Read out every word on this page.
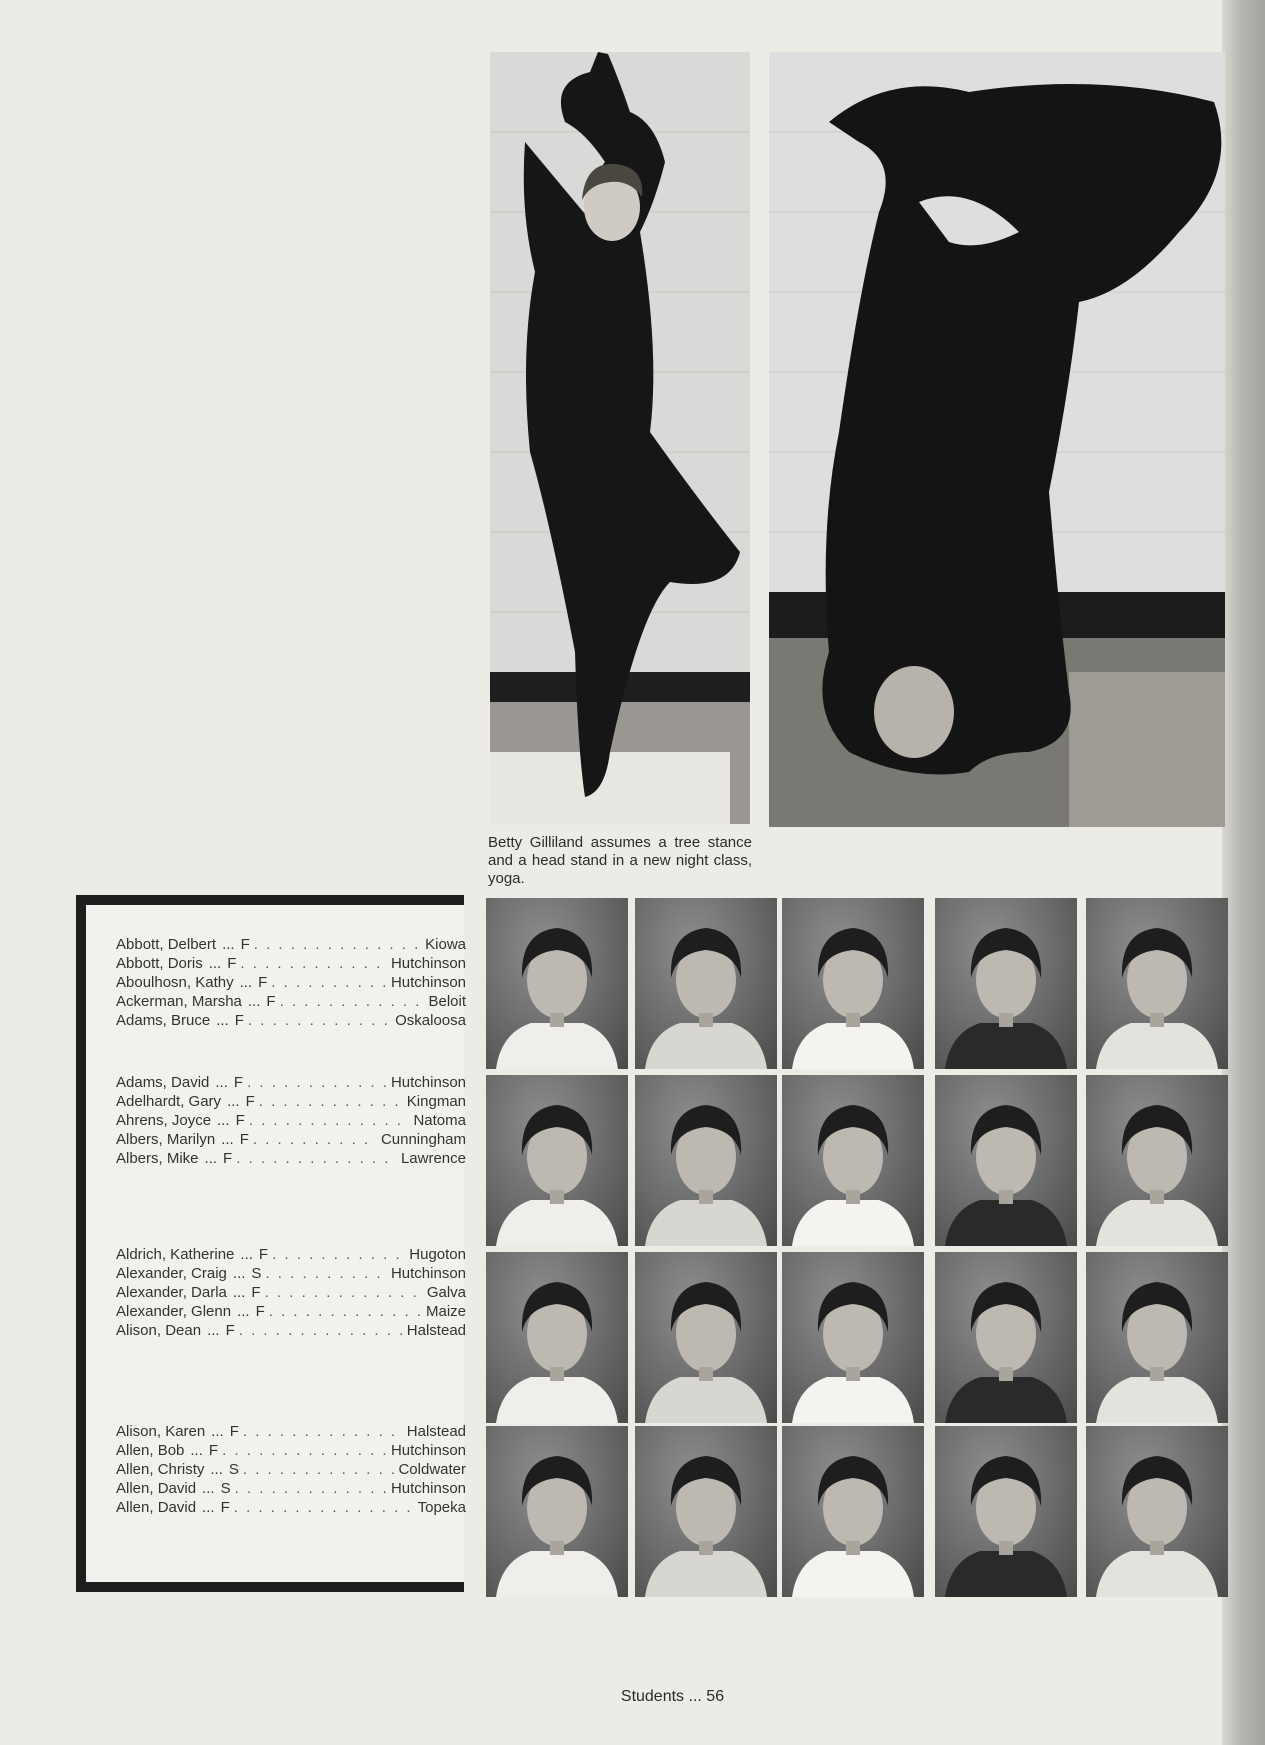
Betty Gilliland assumes a tree stance and a head stand in a new night class, yoga.
Abbott, Delbert ... F . . .	Kiowa
Abbott, Doris ... F . . .	Hutchinson
Aboulhosn, Kathy ... F . . .	Hutchinson
Ackerman, Marsha ... F . . .	Beloit
Adams, Bruce ... F . . .	Oskaloosa
Adams, David ... F . . .	Hutchinson
Adelhardt, Gary ... F . . .	Kingman
Ahrens, Joyce ... F . . .	Natoma
Albers, Marilyn ... F . . .	Cunningham
Albers, Mike ... F . . .	Lawrence
Aldrich, Katherine ... F . . .	Hugoton
Alexander, Craig ... S . . .	Hutchinson
Alexander, Darla ... F . . .	Galva
Alexander, Glenn ... F . . .	Maize
Alison, Dean ... F . . .	Halstead
Alison, Karen ... F . . .	Halstead
Allen, Bob ... F . . .	Hutchinson
Allen, Christy ... S . . .	Coldwater
Allen, David ... S . . .	Hutchinson
Allen, David ... F . . .	Topeka
Students ... 56
